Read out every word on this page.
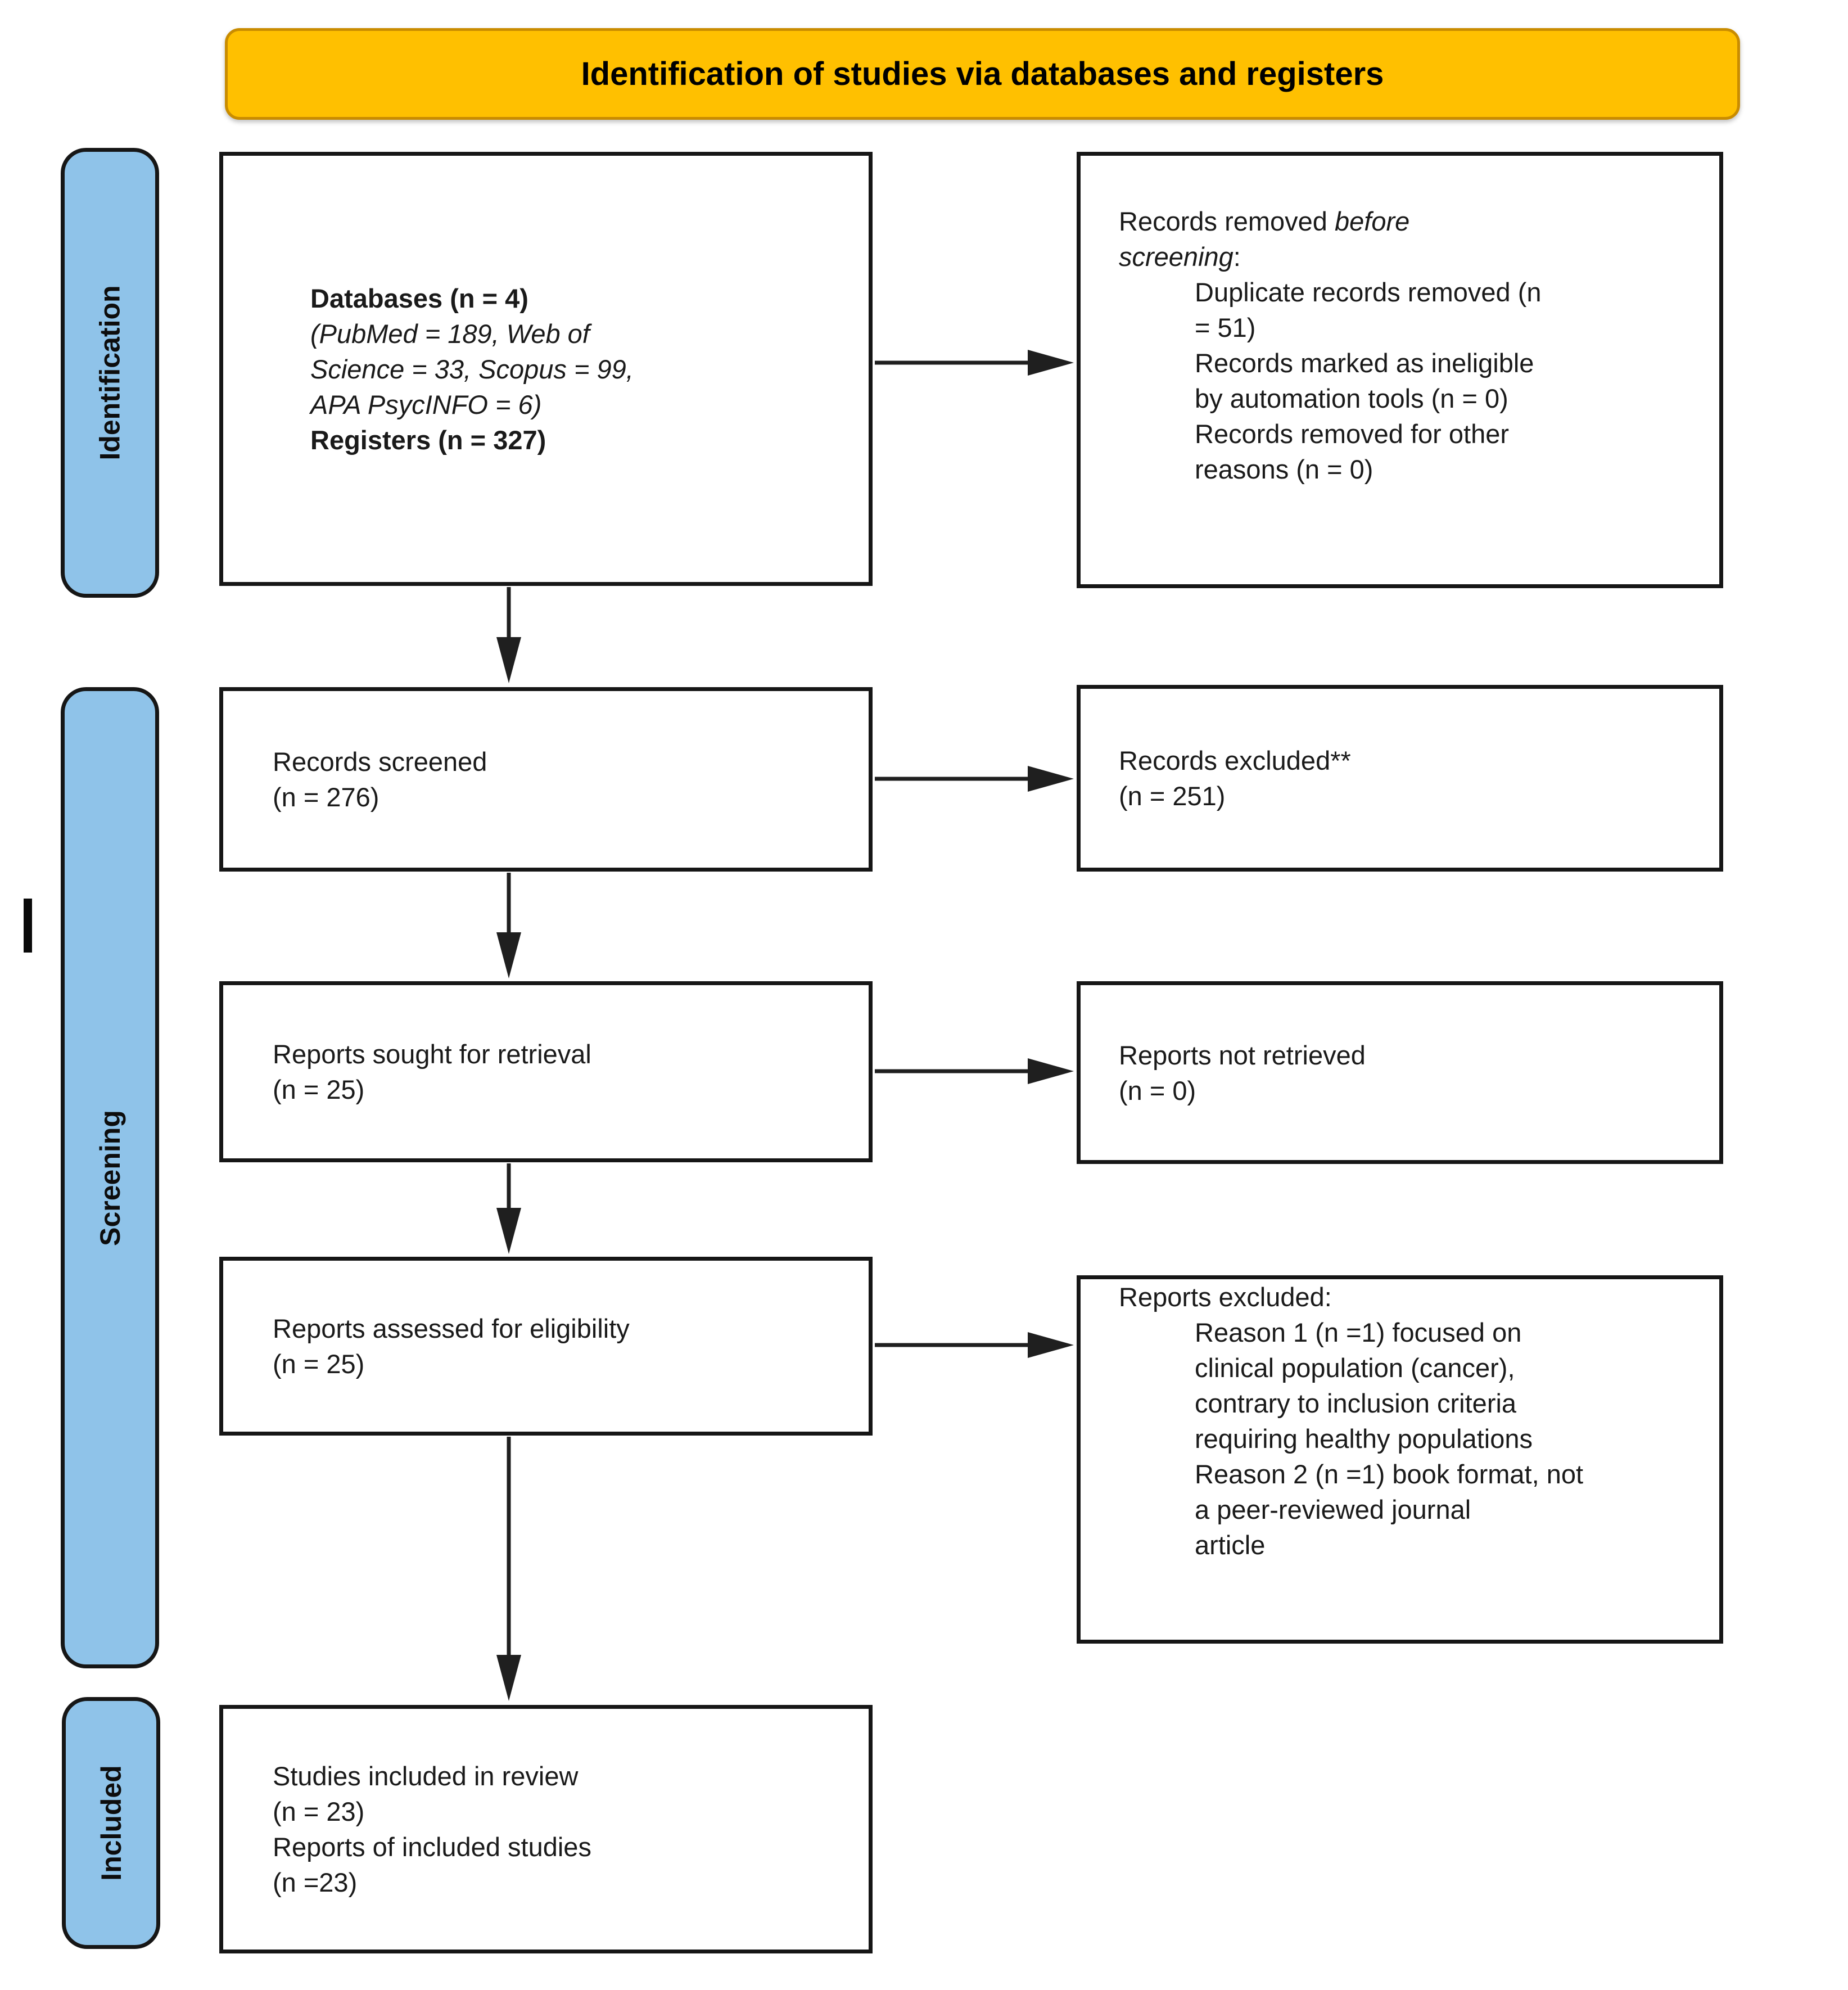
Identification of studies via databases and registers
Identification
Screening
Included
Databases (n = 4)
(PubMed = 189, Web of
Science = 33, Scopus = 99,
APA PsycINFO = 6)
Registers (n = 327)
Records removed before
screening:
Duplicate records removed (n
= 51)
Records marked as ineligible
by automation tools (n = 0)
Records removed for other
reasons (n = 0)
Records screened
(n = 276)
Records excluded**
(n = 251)
Reports sought for retrieval
(n = 25)
Reports not retrieved
(n = 0)
Reports assessed for eligibility
(n = 25)
Reports excluded:
Reason 1 (n =1) focused on
clinical population (cancer),
contrary to inclusion criteria
requiring healthy populations
Reason 2 (n =1) book format, not
a peer-reviewed journal
article
Studies included in review
(n = 23)
Reports of included studies
(n =23)
